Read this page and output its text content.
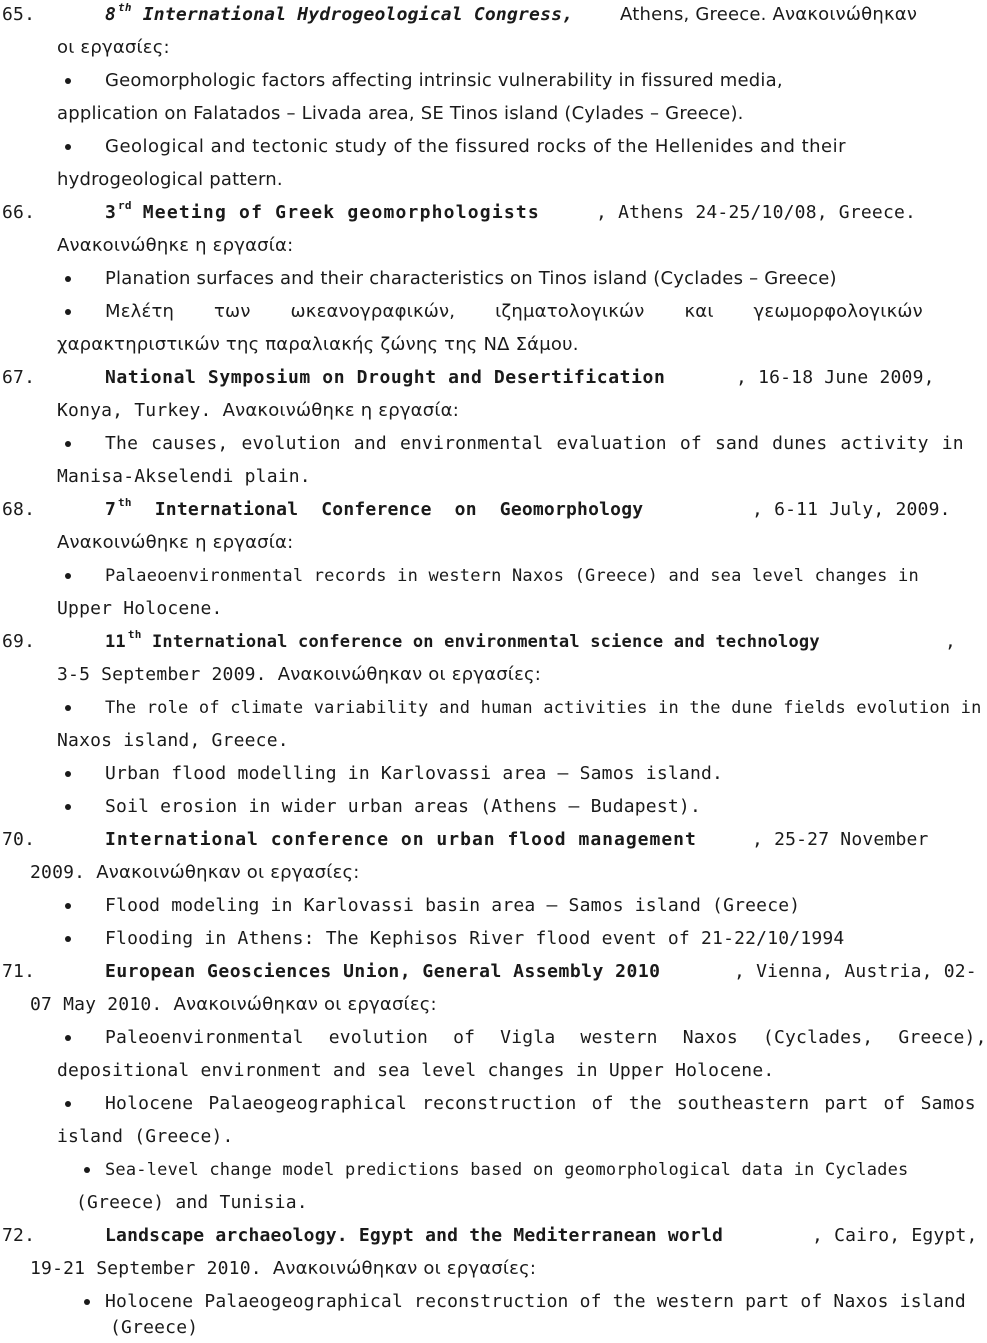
65.	8 $^{th}$ International Hydrogeological Congress,	Athens, Greece. Ανακοινώθηκαν
οι εργασίες:
Geomorphologic factors affecting intrinsic vulnerability in fissured media,
application on Falatados – Livada area, SE Tinos island (Cylades – Greece).
Geological and tectonic study of the fissured rocks of the Hellenides and their
hydrogeological pattern.
66.	3 $^{rd}$ Meeting of Greek geomorphologists	, Athens 24-25/10/08, Greece.
Ανακοινώθηκε η εργασία:
Planation surfaces and their characteristics on Tinos island (Cyclades – Greece)
Μελέτη των ωκεανογραφικών, ιζηματολογικών και γεωμορφολογικών
χαρακτηριστικών της παραλιακής ζώνης της ΝΔ Σάμου.
67.	National Symposium on Drought and Desertification	, 16-18 June 2009,
Konya, Turkey. Ανακοινώθηκε η εργασία:
The causes, evolution and environmental evaluation of sand dunes activity in
Manisa-Akselendi plain.
68.	7 $^{th}$ International Conference on Geomorphology	, 6-11 July, 2009.
Ανακοινώθηκε η εργασία:
Palaeoenvironmental records in western Naxos (Greece) and sea level changes in
Upper Holocene.
69.	11 $^{th}$ International conference on environmental science and technology	,
3-5 September 2009. Ανακοινώθηκαν οι εργασίες:
The role of climate variability and human activities in the dune fields evolution in
Naxos island, Greece.
Urban flood modelling in Karlovassi area – Samos island.
Soil erosion in wider urban areas (Athens – Budapest).
70.	International conference on urban flood management	, 25-27 November
2009. Ανακοινώθηκαν οι εργασίες:
Flood modeling in Karlovassi basin area – Samos island (Greece)
Flooding in Athens: The Kephisos River flood event of 21-22/10/1994
71.	European Geosciences Union, General Assembly 2010	, Vienna, Austria, 02-
07 May 2010. Ανακοινώθηκαν οι εργασίες:
Paleoenvironmental evolution of Vigla western Naxos (Cyclades, Greece),
depositional environment and sea level changes in Upper Holocene.
Holocene Palaeogeographical reconstruction of the southeastern part of Samos
island (Greece).
Sea-level change model predictions based on geomorphological data in Cyclades
(Greece) and Tunisia.
72.	Landscape archaeology. Egypt and the Mediterranean world	, Cairo, Egypt,
19-21 September 2010. Ανακοινώθηκαν οι εργασίες:
Holocene Palaeogeographical reconstruction of the western part of Naxos island
(Greece)
